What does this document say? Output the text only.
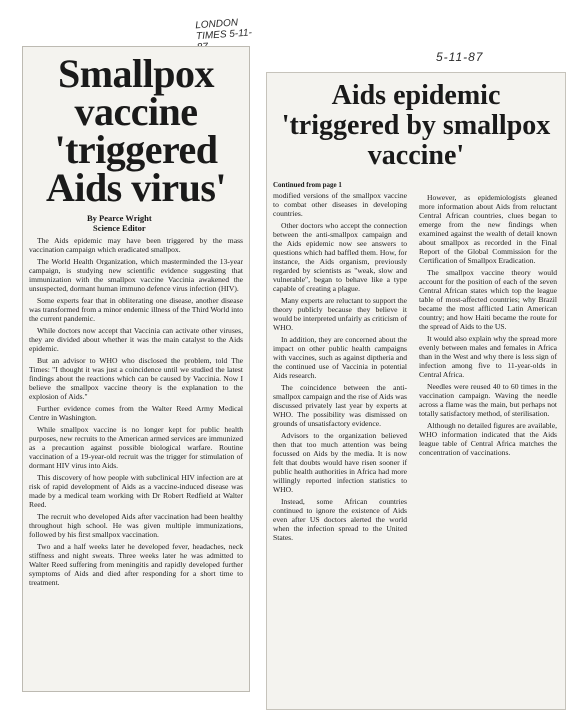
LONDON TIMES 5-11-87
5-11-87
Smallpox vaccine 'triggered Aids virus'
By Pearce Wright
Science Editor

The Aids epidemic may have been triggered by the mass vaccination campaign which eradicated smallpox.

The World Health Organization, which masterminded the 13-year campaign, is studying new scientific evidence suggesting that immunization with the smallpox vaccine Vaccinia awakened the unsuspected, dormant human immuno defence virus infection (HIV).

Some experts fear that in obliterating one disease, another disease was transformed from a minor endemic illness of the Third World into the current pandemic.

While doctors now accept that Vaccinia can activate other viruses, they are divided about whether it was the main catalyst to the Aids epidemic.

But an advisor to WHO who disclosed the problem, told The Times: "I thought it was just a coincidence until we studied the latest findings about the reactions which can be caused by Vaccinia. Now I believe the smallpox vaccine theory is the explanation to the explosion of Aids."

Further evidence comes from the Walter Reed Army Medical Centre in Washington.

While smallpox vaccine is no longer kept for public health purposes, new recruits to the American armed services are immunized as a precaution against possible biological warfare. Routine vaccination of a 19-year-old recruit was the trigger for stimulation of dormant HIV virus into Aids.

This discovery of how people with subclinical HIV infection are at risk of rapid development of Aids as a vaccine-induced disease was made by a medical team working with Dr Robert Redfield at Walter Reed.

The recruit who developed Aids after vaccination had been healthy throughout high school. He was given multiple immunizations, followed by his first smallpox vaccination.

Two and a half weeks later he developed fever, headaches, neck stiffness and night sweats. Three weeks later he was admitted to Walter Reed suffering from meningitis and rapidly developed further symptoms of Aids and died after responding for a short time to treatment.

Aids epidemic 'triggered by smallpox vaccine'
Continued from page 1

modified versions of the smallpox vaccine to combat other diseases in developing countries.

Other doctors who accept the connection between the anti-smallpox campaign and the Aids epidemic now see answers to questions which had baffled them. How, for instance, the Aids organism, previously regarded by scientists as "weak, slow and vulnerable", began to behave like a type capable of creating a plague.

Many experts are reluctant to support the theory publicly because they believe it would be interpreted unfairly as criticism of WHO.

In addition, they are concerned about the impact on other public health campaigns with vaccines, such as against diptheria and the continued use of Vaccinia in potential Aids research.

The coincidence between the anti-smallpox campaign and the rise of Aids was discussed privately last year by experts at WHO. The possibility was dismissed on grounds of unsatisfactory evidence.

Advisors to the organization believed then that too much attention was being focussed on Aids by the media. It is now felt that doubts would have risen sooner if public health authorities in Africa had more willingly reported infection statistics to WHO.

Instead, some African countries continued to ignore the existence of Aids even after US doctors alerted the world when the infection spread to the United States.

However, as epidemiologists gleaned more information about Aids from reluctant Central African countries, clues began to emerge from the new findings when examined against the wealth of detail known about smallpox as recorded in the Final Report of the Global Commission for the Certification of Smallpox Eradication.

The smallpox vaccine theory would account for the position of each of the seven Central African states which top the league table of most-affected countries; why Brazil became the most afflicted Latin American country; and how Haiti became the route for the spread of Aids to the US.

It would also explain why the spread more evenly between males and females in Africa than in the West and why there is less sign of infection among five to 11-year-olds in Central Africa.

Needles were reused 40 to 60 times in the vaccination campaign. Waving the needle across a flame was the main, but perhaps not totally satisfactory method, of sterilisation.

Although no detailed figures are available, WHO information indicated that the Aids league table of Central Africa matches the concentration of vaccinations.
